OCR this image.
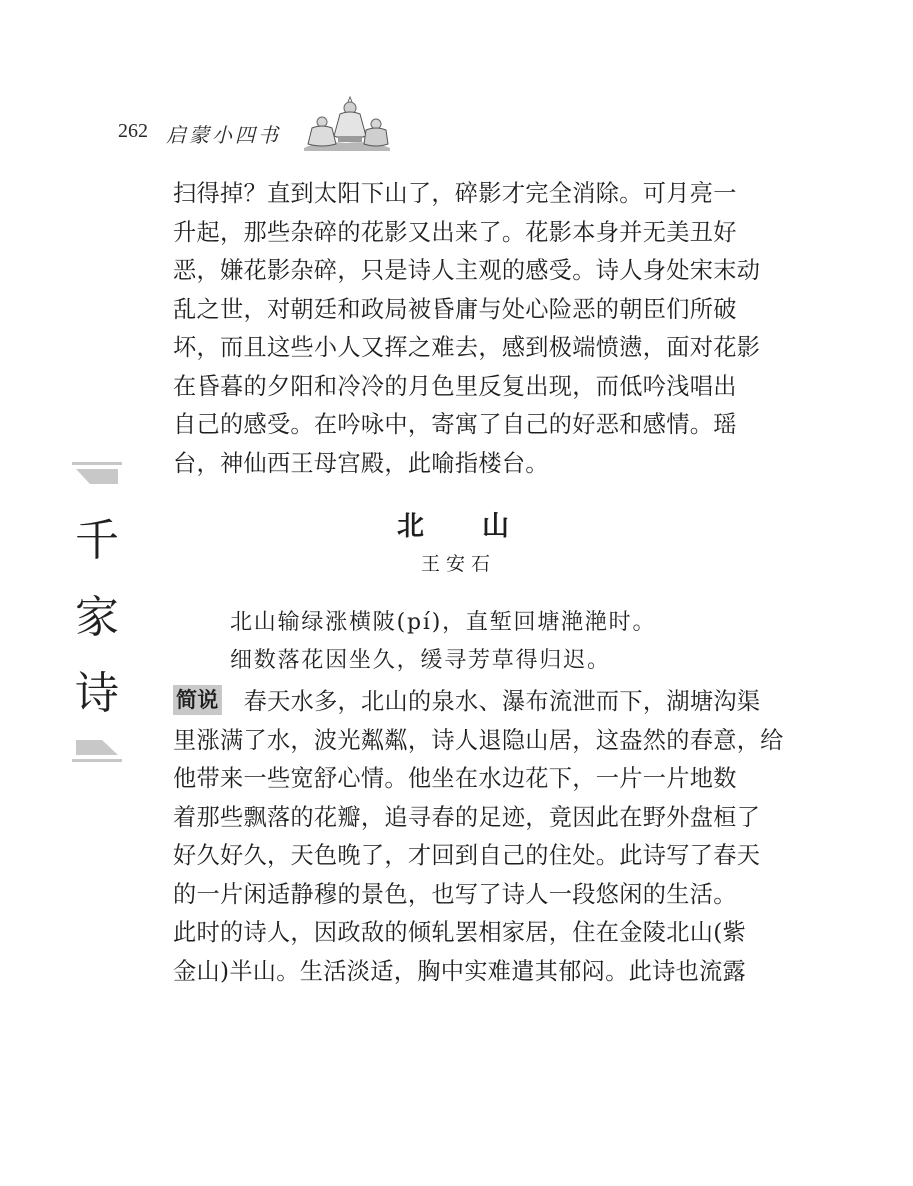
262 启蒙小四书
千
家
诗
扫得掉？直到太阳下山了，碎影才完全消除。可月亮一
升起，那些杂碎的花影又出来了。花影本身并无美丑好
恶，嫌花影杂碎，只是诗人主观的感受。诗人身处宋末动
乱之世，对朝廷和政局被昏庸与处心险恶的朝臣们所破
坏，而且这些小人又挥之难去，感到极端愤懑，面对花影
在昏暮的夕阳和冷冷的月色里反复出现，而低吟浅唱出
自己的感受。在吟咏中，寄寓了自己的好恶和感情。瑶
台，神仙西王母宫殿，此喻指楼台。
北山
王安石
北山输绿涨横陂(pí)，直堑回塘滟滟时。
细数落花因坐久，缓寻芳草得归迟。
简说 春天水多，北山的泉水、瀑布流泄而下，湖塘沟渠
里涨满了水，波光粼粼，诗人退隐山居，这盎然的春意，给
他带来一些宽舒心情。他坐在水边花下，一片一片地数
着那些飘落的花瓣，追寻春的足迹，竟因此在野外盘桓了
好久好久，天色晚了，才回到自己的住处。此诗写了春天
的一片闲适静穆的景色，也写了诗人一段悠闲的生活。
此时的诗人，因政敌的倾轧罢相家居，住在金陵北山(紫
金山)半山。生活淡适，胸中实难遣其郁闷。此诗也流露
